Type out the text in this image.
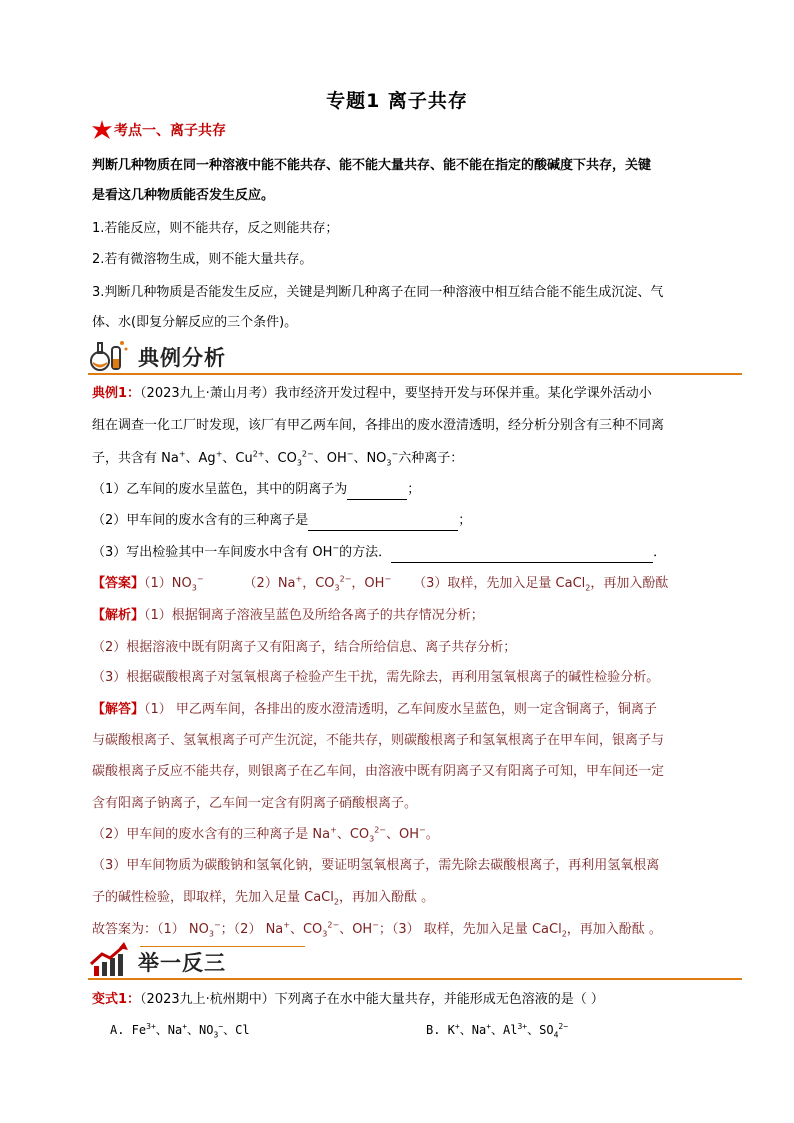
专题1 离子共存
考点一、离子共存
判断几种物质在同一种溶液中能不能共存、能不能大量共存、能不能在指定的酸碱度下共存，关键
是看这几种物质能否发生反应。
1.若能反应，则不能共存，反之则能共存；
2.若有微溶物生成，则不能大量共存。
3.判断几种物质是否能发生反应，关键是判断几种离子在同一种溶液中相互结合能不能生成沉淀、气
体、水(即复分解反应的三个条件)。
典例分析
典例1：（2023九上·萧山月考）我市经济开发过程中，要坚持开发与环保并重。某化学课外活动小
组在调查一化工厂时发现，该厂有甲乙两车间，各排出的废水澄清透明，经分析分别含有三种不同离
子，共含有 Na+、Ag+、$Cu^{2+}$、$CO_3^{2-}$、OH−、$NO_3^-$六种离子：
（1）乙车间的废水呈蓝色，其中的阴离子为	；
（2）甲车间的废水含有的三种离子是	；
（3）写出检验其中一车间废水中含有 OH−的方法．	．
【答案】$(1)NO_3^-$	（2）Na+，$CO_3^{2-}$，OH− （3）取样，先加入足量 CaCl$_2$，再加入酚酞
【解析】（1）根据铜离子溶液呈蓝色及所给各离子的共存情况分析；
（2）根据溶液中既有阴离子又有阳离子，结合所给信息、离子共存分析；
（3）根据碳酸根离子对氢氧根离子检验产生干扰，需先除去，再利用氢氧根离子的碱性检验分析。
【解答】（1） 甲乙两车间，各排出的废水澄清透明，乙车间废水呈蓝色，则一定含铜离子，铜离子
与碳酸根离子、氢氧根离子可产生沉淀，不能共存，则碳酸根离子和氢氧根离子在甲车间，银离子与
碳酸根离子反应不能共存，则银离子在乙车间，由溶液中既有阴离子又有阳离子可知，甲车间还一定
含有阳离子钠离子，乙车间一定含有阴离子硝酸根离子。
（2）甲车间的废水含有的三种离子是 Na+、$CO_3^{2-}$、OH−。
（3）甲车间物质为碳酸钠和氢氧化钠，要证明氢氧根离子，需先除去碳酸根离子，再利用氢氧根离
子的碱性检验，即取样，先加入足量 CaCl$_2$，再加入酚酞 。
故答案为：（1） $NO_3^-$；（2） Na+、$CO_3^{2-}$、OH−；（3） 取样，先加入足量 CaCl$_2$，再加入酚酞 。
举一反三
变式1：（2023九上·杭州期中）下列离子在水中能大量共存，并能形成无色溶液的是（ ）
A. $Fe^{3+}$、Na+、$NO_3^-$、Cl	B. K+、Na+、$Al^{3+}$、$SO_4^{2-}$
